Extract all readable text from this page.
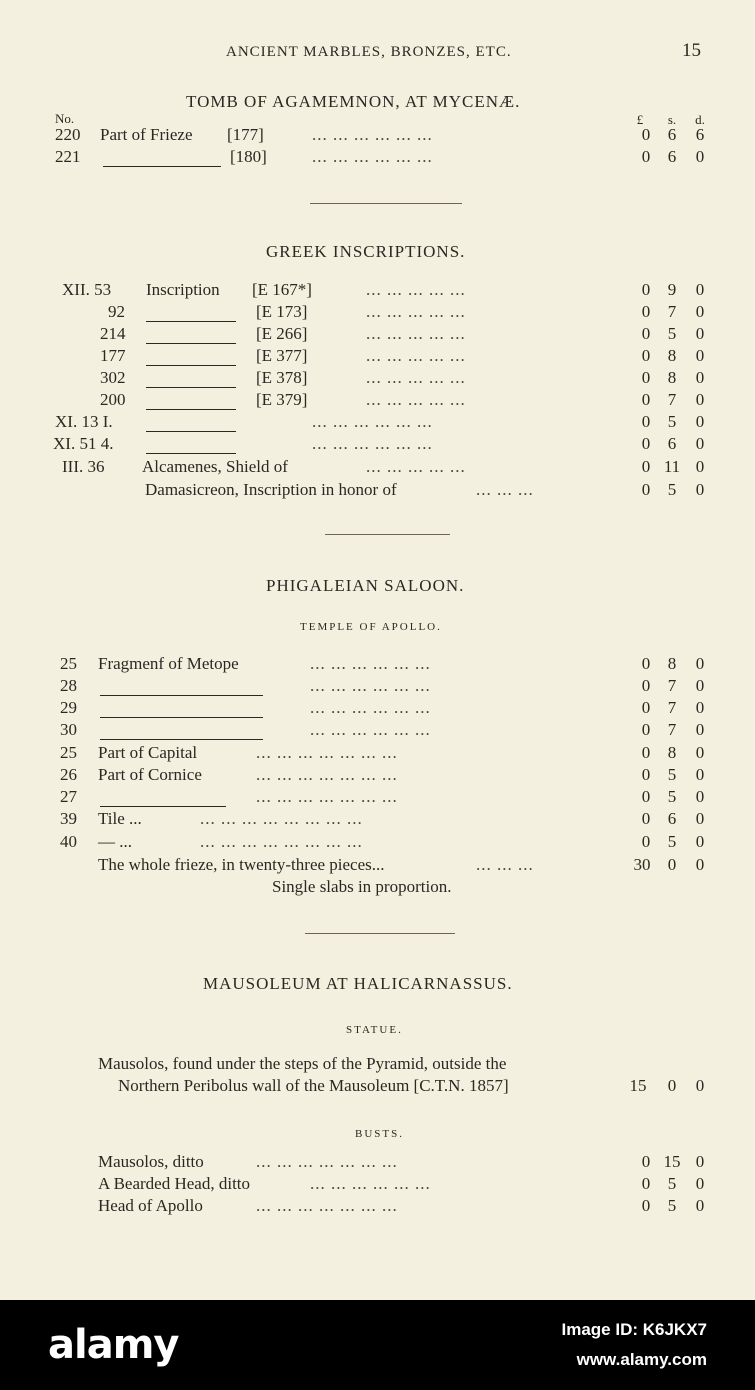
ANCIENT MARBLES, BRONZES, ETC.	15
TOMB OF AGAMEMNON, AT MYCENÆ.
No.	£	s.	d.
220 Part of Frieze [177]	... ... ... ... ... ...	0	6	6
221	[180]	... ... ... ... ... ...	0	6	0
GREEK INSCRIPTIONS.
XII. 53 Inscription [E 167*]	... ... ... ... ...	0	9	0
92	[E 173]	... ... ... ... ...	0	7	0
214	[E 266]	... ... ... ... ...	0	5	0
177	[E 377]	... ... ... ... ...	0	8	0
302	[E 378]	... ... ... ... ...	0	8	0
200	[E 379]	... ... ... ... ...	0	7	0
XI. 13 I.	... ... ... ... ... ...	0	5	0
XI. 51 4.	... ... ... ... ... ...	0	6	0
III. 36 Alcamenes, Shield of	... ... ... ... ...	0 11 0
Damasicreon, Inscription in honor of	... ... ...	0	5	0
PHIGALEIAN SALOON.
TEMPLE OF APOLLO.
25 Fragmenf of Metope	... ... ... ... ... ...	0	8	0
28	... ... ... ... ... ...	0	7	0
29	... ... ... ... ... ...	0	7	0
30	... ... ... ... ... ...	0	7	0
25 Part of Capital	... ... ... ... ... ... ...	0	8	0
26 Part of Cornice	... ... ... ... ... ... ...	0	5	0
27	... ... ... ... ... ... ...	0	5	0
39 Tile ...	... ... ... ... ... ... ... ...	0	6	0
40 — ...	... ... ... ... ... ... ... ...	0	5	0
The whole frieze, in twenty-three pieces...	... ... ...	30	0	0
Single slabs in proportion.
MAUSOLEUM AT HALICARNASSUS.
STATUE.
Mausolos, found under the steps of the Pyramid, outside the
Northern Peribolus wall of the Mausoleum [C.T.N. 1857]	15	0	0
BUSTS.
Mausolos, ditto	... ... ... ... ... ... ...	0 15 0
A Bearded Head, ditto	... ... ... ... ... ...	0	5	0
Head of Apollo	... ... ... ... ... ... ...	0	5	0
alamy	Image ID: K6JKX7
www.alamy.com
